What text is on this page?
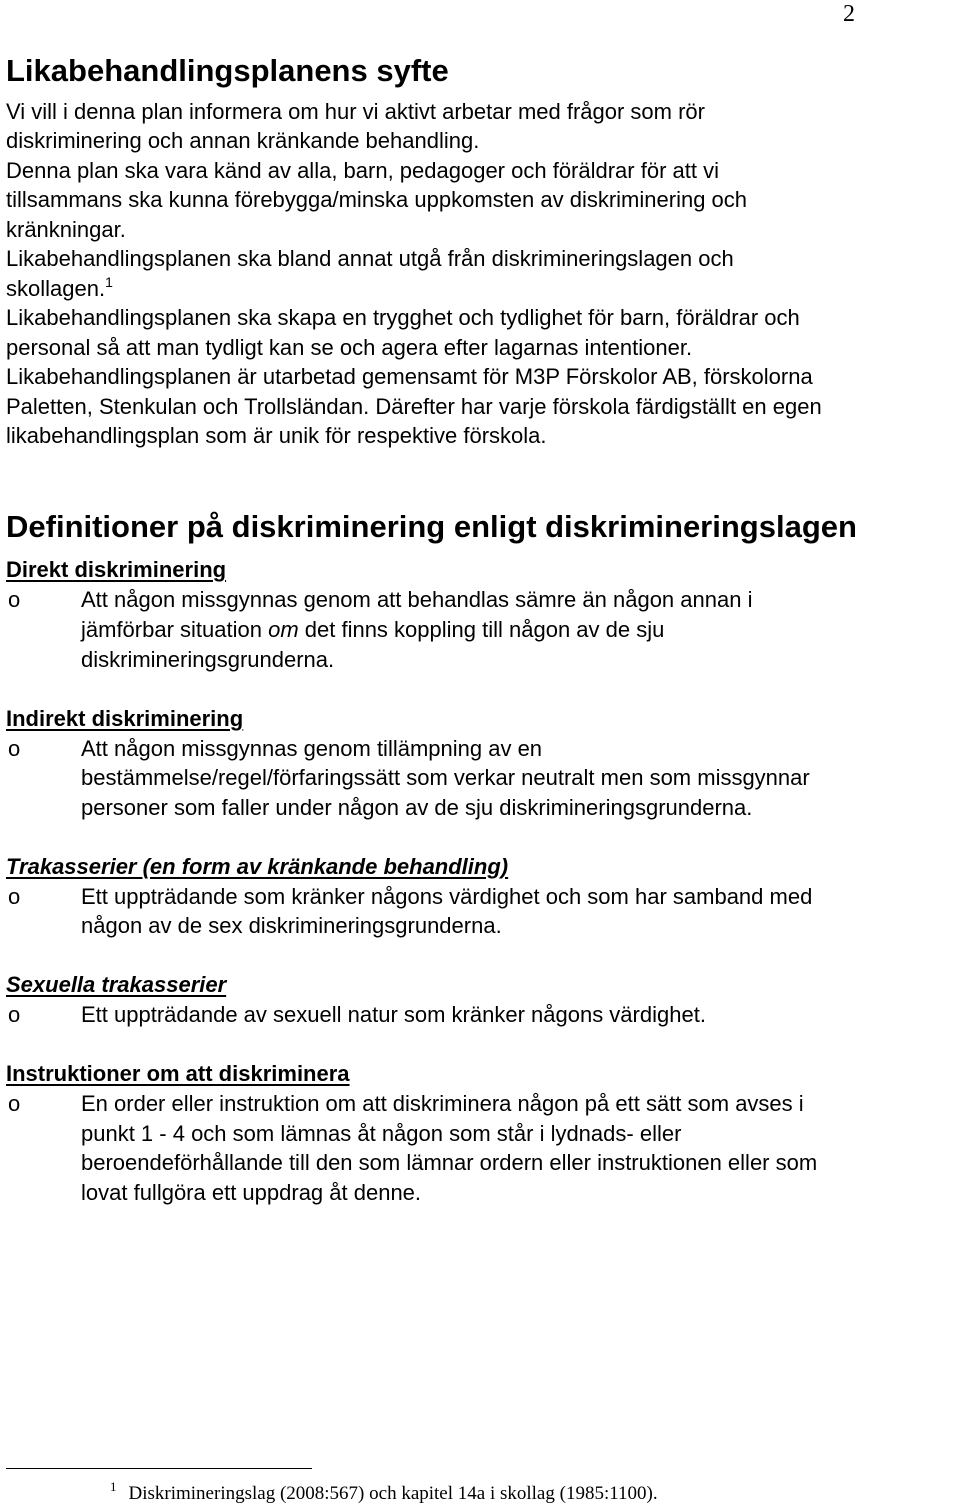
2
Likabehandlingsplanens syfte
Vi vill i denna plan informera om hur vi aktivt arbetar med frågor som rör
diskriminering och annan kränkande behandling.
Denna plan ska vara känd av alla, barn, pedagoger och föräldrar för att vi
tillsammans ska kunna förebygga/minska uppkomsten av diskriminering och
kränkningar.
Likabehandlingsplanen ska bland annat utgå från diskrimineringslagen och
skollagen.$^1$
Likabehandlingsplanen ska skapa en trygghet och tydlighet för barn, föräldrar och
personal så att man tydligt kan se och agera efter lagarnas intentioner.
Likabehandlingsplanen är utarbetad gemensamt för M3P Förskolor AB, förskolorna
Paletten, Stenkulan och Trollsländan. Därefter har varje förskola färdigställt en egen
likabehandlingsplan som är unik för respektive förskola.
Definitioner på diskriminering enligt diskrimineringslagen
Direkt diskriminering
o	Att någon missgynnas genom att behandlas sämre än någon annan i
jämförbar situation om det finns koppling till någon av de sju
diskrimineringsgrunderna.
Indirekt diskriminering
o	Att någon missgynnas genom tillämpning av en
bestämmelse/regel/förfaringssätt som verkar neutralt men som missgynnar
personer som faller under någon av de sju diskrimineringsgrunderna.
Trakasserier (en form av kränkande behandling)
o	Ett uppträdande som kränker någons värdighet och som har samband med
någon av de sex diskrimineringsgrunderna.
Sexuella trakasserier
o	Ett uppträdande av sexuell natur som kränker någons värdighet.
Instruktioner om att diskriminera
o	En order eller instruktion om att diskriminera någon på ett sätt som avses i
punkt 1 - 4 och som lämnas åt någon som står i lydnads- eller
beroendeförhållande till den som lämnar ordern eller instruktionen eller som
lovat fullgöra ett uppdrag åt denne.
$^1$ Diskrimineringslag (2008:567) och kapitel 14a i skollag (1985:1100).
